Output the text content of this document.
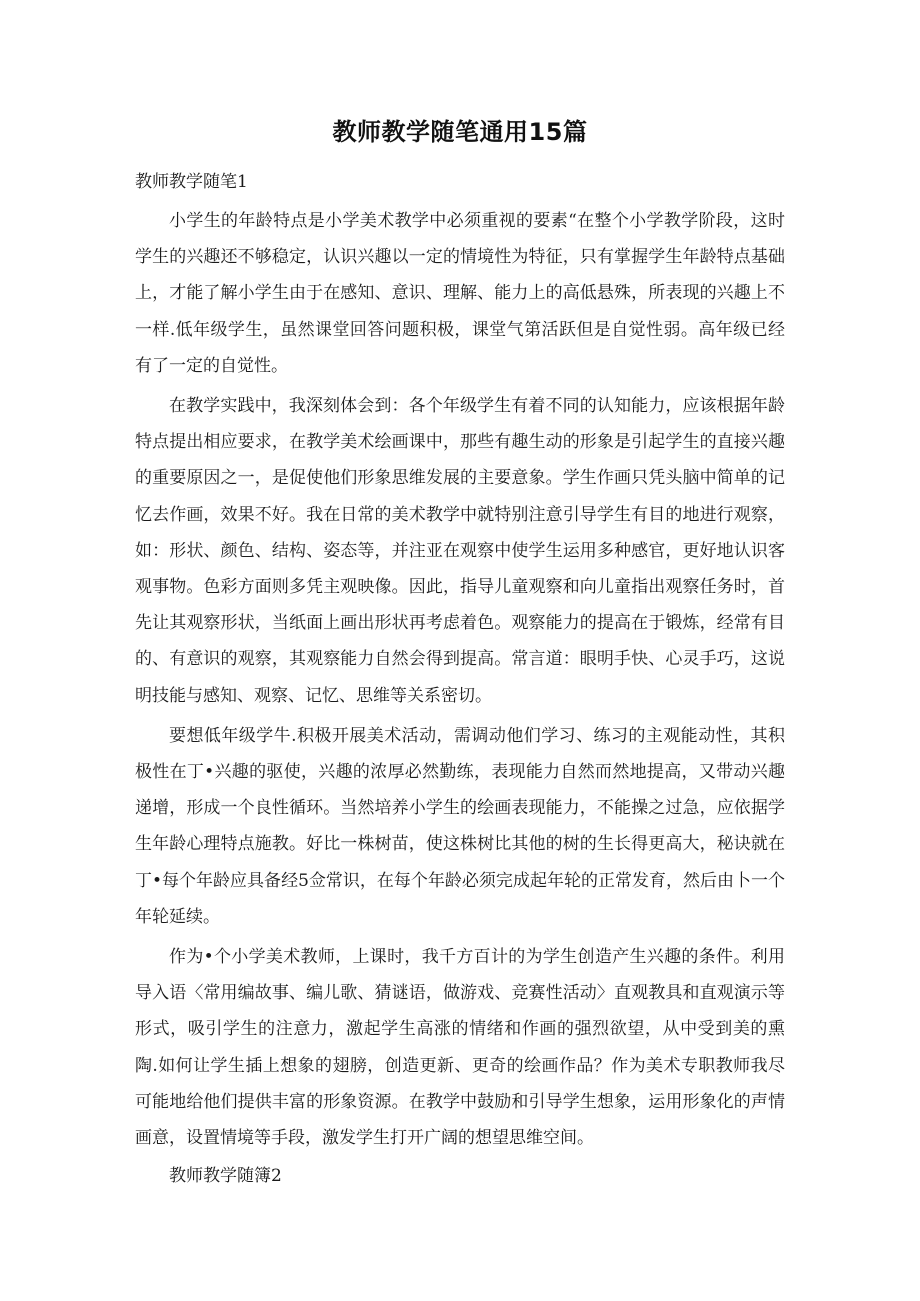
教师教学随笔通用15篇
教师教学随笔1

小学生的年龄特点是小学美术教学中必须重视的要素“在整个小学教学阶段，这时学生的兴趣还不够稳定，认识兴趣以一定的情境性为特征，只有掌握学生年龄特点基础上，才能了解小学生由于在感知、意识、理解、能力上的高低悬殊，所表现的兴趣上不一样.低年级学生，虽然课堂回答问题积极，课堂气第活跃但是自觉性弱。高年级已经有了一定的自觉性。

在教学实践中，我深刻体会到：各个年级学生有着不同的认知能力，应该根据年龄特点提出相应要求，在教学美术绘画课中，那些有趣生动的形象是引起学生的直接兴趣的重要原因之一，是促使他们形象思维发展的主要意象。学生作画只凭头脑中简单的记忆去作画，效果不好。我在日常的美术教学中就特别注意引导学生有目的地进行观察，如：形状、颜色、结构、姿态等，并注亚在观察中使学生运用多种感官，更好地认识客观事物。色彩方面则多凭主观映像。因此，指导儿童观察和向儿童指出观察任务时，首先让其观察形状，当纸面上画出形状再考虑着色。观察能力的提高在于锻炼，经常有目的、有意识的观察，其观察能力自然会得到提高。常言道：眼明手快、心灵手巧，这说明技能与感知、观察、记忆、思维等关系密切。

要想低年级学牛.积极开展美术活动，需调动他们学习、练习的主观能动性，其积极性在丁•兴趣的驱使，兴趣的浓厚必然勤练，表现能力自然而然地提高，又带动兴趣递增，形成一个良性循环。当然培养小学生的绘画表现能力，不能操之过急，应依据学生年龄心理特点施教。好比一株树苗，使这株树比其他的树的生长得更高大，秘诀就在丁•每个年龄应具备经5佥常识，在每个年龄必须完成起年轮的正常发育，然后由卜一个年轮延续。

作为•个小学美术教师，上课时，我千方百计的为学生创造产生兴趣的条件。利用导入语〈常用编故事、编儿歌、猜谜语，做游戏、竞赛性活动〉直观教具和直观演示等形式，吸引学生的注意力，激起学生高涨的情绪和作画的强烈欲望，从中受到美的熏陶.如何让学生插上想象的翅膀，创造更新、更奇的绘画作品？作为美术专职教师我尽可能地给他们提供丰富的形象资源。在教学中鼓励和引导学生想象，运用形象化的声情画意，设置情境等手段，激发学生打开广阔的想望思维空间。

教师教学随簿2
